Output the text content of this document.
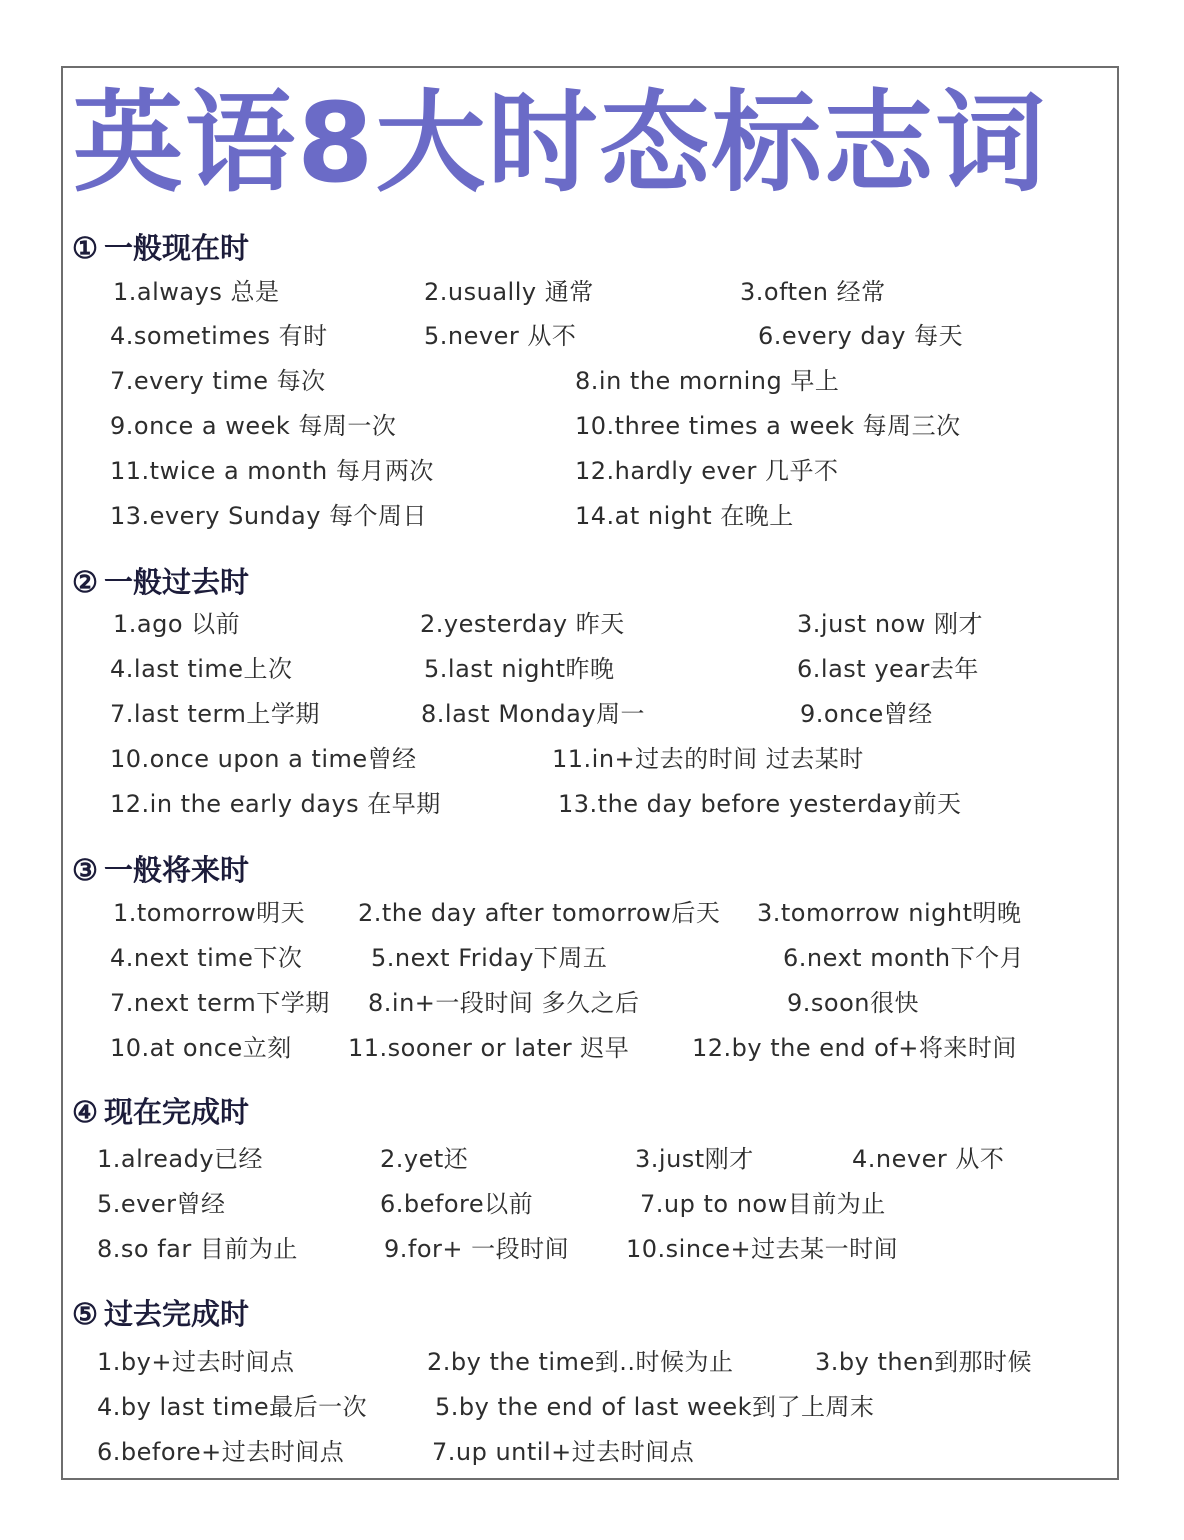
英语8大时态标志词
① 一般现在时
1.always 总是	2.usually 通常	3.often 经常
4.sometimes 有时	5.never 从不	6.every day 每天
7.every time 每次	8.in the morning 早上
9.once a week 每周一次	10.three times a week 每周三次
11.twice a month 每月两次	12.hardly ever 几乎不
13.every Sunday 每个周日	14.at night 在晚上
② 一般过去时
1.ago 以前	2.yesterday 昨天	3.just now 刚才
4.last time上次	5.last night昨晚	6.last year去年
7.last term上学期	8.last Monday周一	9.once曾经
10.once upon a time曾经	11.in+过去的时间 过去某时
12.in the early days 在早期	13.the day before yesterday前天
③ 一般将来时
1.tomorrow明天 2.the day after tomorrow后天 3.tomorrow night明晚
4.next time下次	5.next Friday下周五	6.next month下个月
7.next term下学期 8.in+一段时间 多久之后	9.soon很快
10.at once立刻 11.sooner or later 迟早	12.by the end of+将来时间
④ 现在完成时
1.already已经	2.yet还	3.just刚才	4.never 从不
5.ever曾经	6.before以前	7.up to now目前为止
8.so far 目前为止	9.for+ 一段时间 10.since+过去某一时间
⑤ 过去完成时
1.by+过去时间点	2.by the time到..时候为止	3.by then到那时候
4.by last time最后一次	5.by the end of last week到了上周末
6.before+过去时间点	7.up until+过去时间点
